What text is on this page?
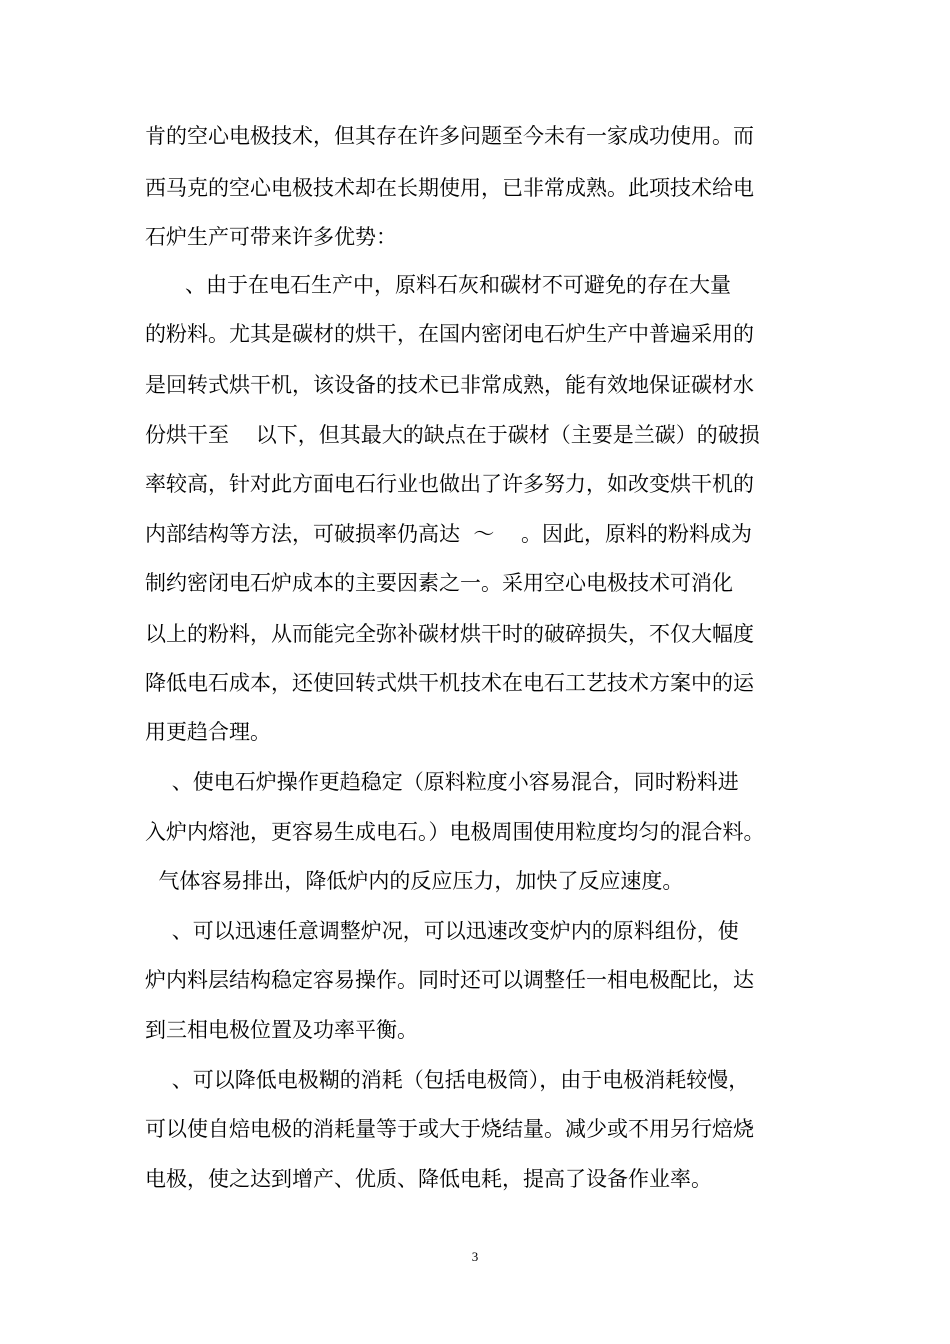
肯的空心电极技术，但其存在许多问题至今未有一家成功使用。而

西马克的空心电极技术却在长期使用，已非常成熟。此项技术给电

石炉生产可带来许多优势：

、由于在电石生产中，原料石灰和碳材不可避免的存在大量

的粉料。尤其是碳材的烘干，在国内密闭电石炉生产中普遍采用的

是回转式烘干机，该设备的技术已非常成熟，能有效地保证碳材水

份烘干至    以下，但其最大的缺点在于碳材（主要是兰碳）的破损

率较高，针对此方面电石行业也做出了许多努力，如改变烘干机的

内部结构等方法，可破损率仍高达  ～    。因此，原料的粉料成为

制约密闭电石炉成本的主要因素之一。采用空心电极技术可消化

以上的粉料，从而能完全弥补碳材烘干时的破碎损失，不仅大幅度

降低电石成本，还使回转式烘干机技术在电石工艺技术方案中的运

用更趋合理。

、使电石炉操作更趋稳定（原料粒度小容易混合，同时粉料进

入炉内熔池，更容易生成电石。）电极周围使用粒度均匀的混合料。

气体容易排出，降低炉内的反应压力，加快了反应速度。

、可以迅速任意调整炉况，可以迅速改变炉内的原料组份，使

炉内料层结构稳定容易操作。同时还可以调整任一相电极配比，达

到三相电极位置及功率平衡。

、可以降低电极糊的消耗（包括电极筒），由于电极消耗较慢，

可以使自焙电极的消耗量等于或大于烧结量。减少或不用另行焙烧

电极，使之达到增产、优质、降低电耗，提高了设备作业率。

3
